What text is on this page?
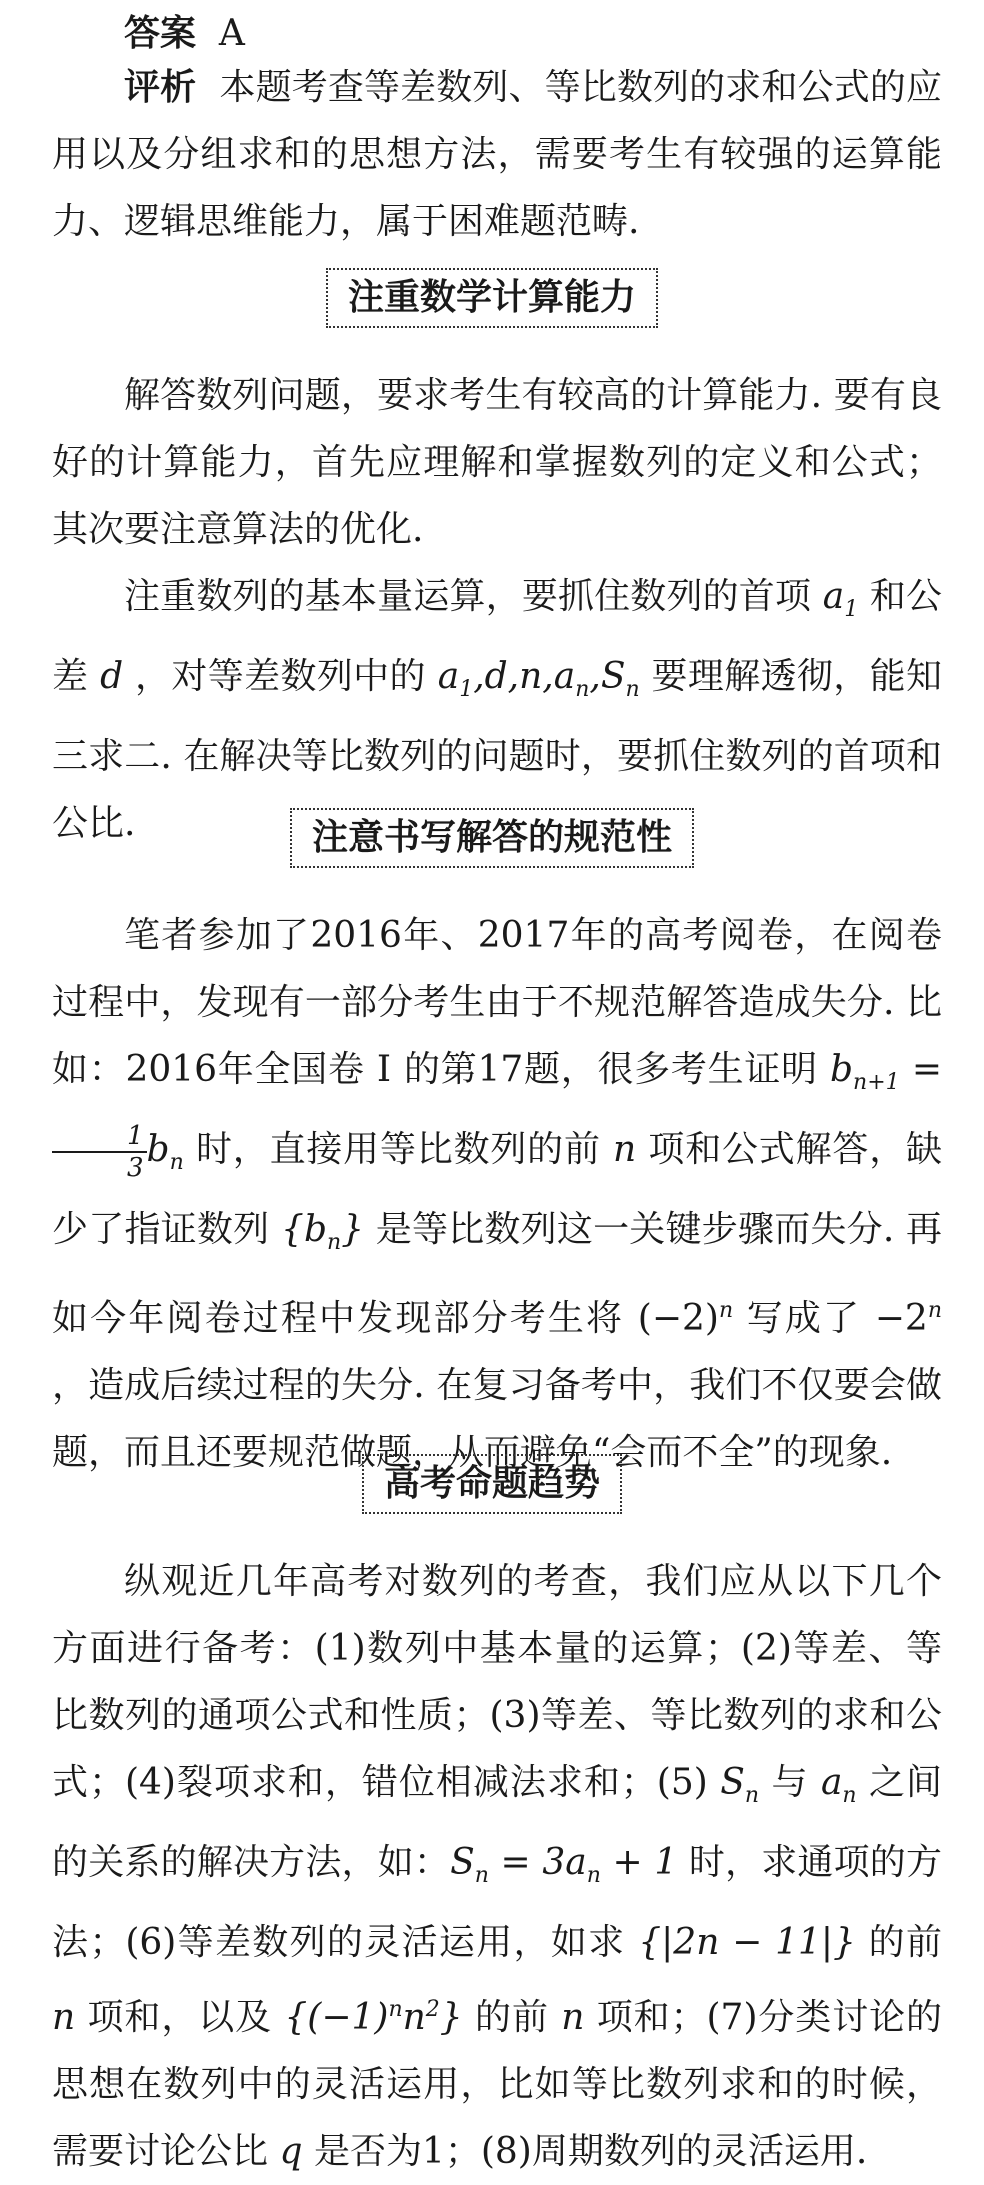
答案 A
评析 本题考查等差数列、等比数列的求和公式的应用以及分组求和的思想方法，需要考生有较强的运算能力、逻辑思维能力，属于困难题范畴.
注重数学计算能力
解答数列问题，要求考生有较高的计算能力. 要有良好的计算能力，首先应理解和掌握数列的定义和公式；其次要注意算法的优化.
注重数列的基本量运算，要抓住数列的首项 $a_1$ 和公差 d ，对等差数列中的 $a_1,d,n,a_n,S_n$ 要理解透彻，能知三求二. 在解决等比数列的问题时，要抓住数列的首项和公比.	注意书写解答的规范性
笔者参加了2016年、2017年的高考阅卷，在阅卷过程中，发现有一部分考生由于不规范解答造成失分. 比如：2016年全国卷 Ⅰ 的第17题，很多考生证明 $b_{n+1}$ =
$\frac{1}{3} b_n$ 时，直接用等比数列的前 n 项和公式解答，缺少了指证数列 $\{b_n\}$ 是等比数列这一关键步骤而失分. 再如今年阅卷过程中发现部分考生将 $(-2)^n$ 写成了 $-2^n$ ，造成后续过程的失分. 在复习备考中，我们不仅要会做题，而且还要规范做题，从而避免“会而不全”的现象.
高考命题趋势
纵观近几年高考对数列的考查，我们应从以下几个方面进行备考：(1)数列中基本量的运算；(2)等差、等比数列的通项公式和性质；(3)等差、等比数列的求和公式；(4)裂项求和，错位相减法求和；(5) $S_n$ 与 $a_n$ 之间的关系的解决方法，如：$S_n = 3a_n + 1$ 时，求通项的方法；(6)等差数列的灵活运用，如求 {|2n − 11|} 的前 n 项和，以及 $\{(-1)^nn^2\}$ 的前 n 项和；(7)分类讨论的思想在数列中的灵活运用，比如等比数列求和的时候，需要讨论公比 q 是否为1；(8)周期数列的灵活运用.
